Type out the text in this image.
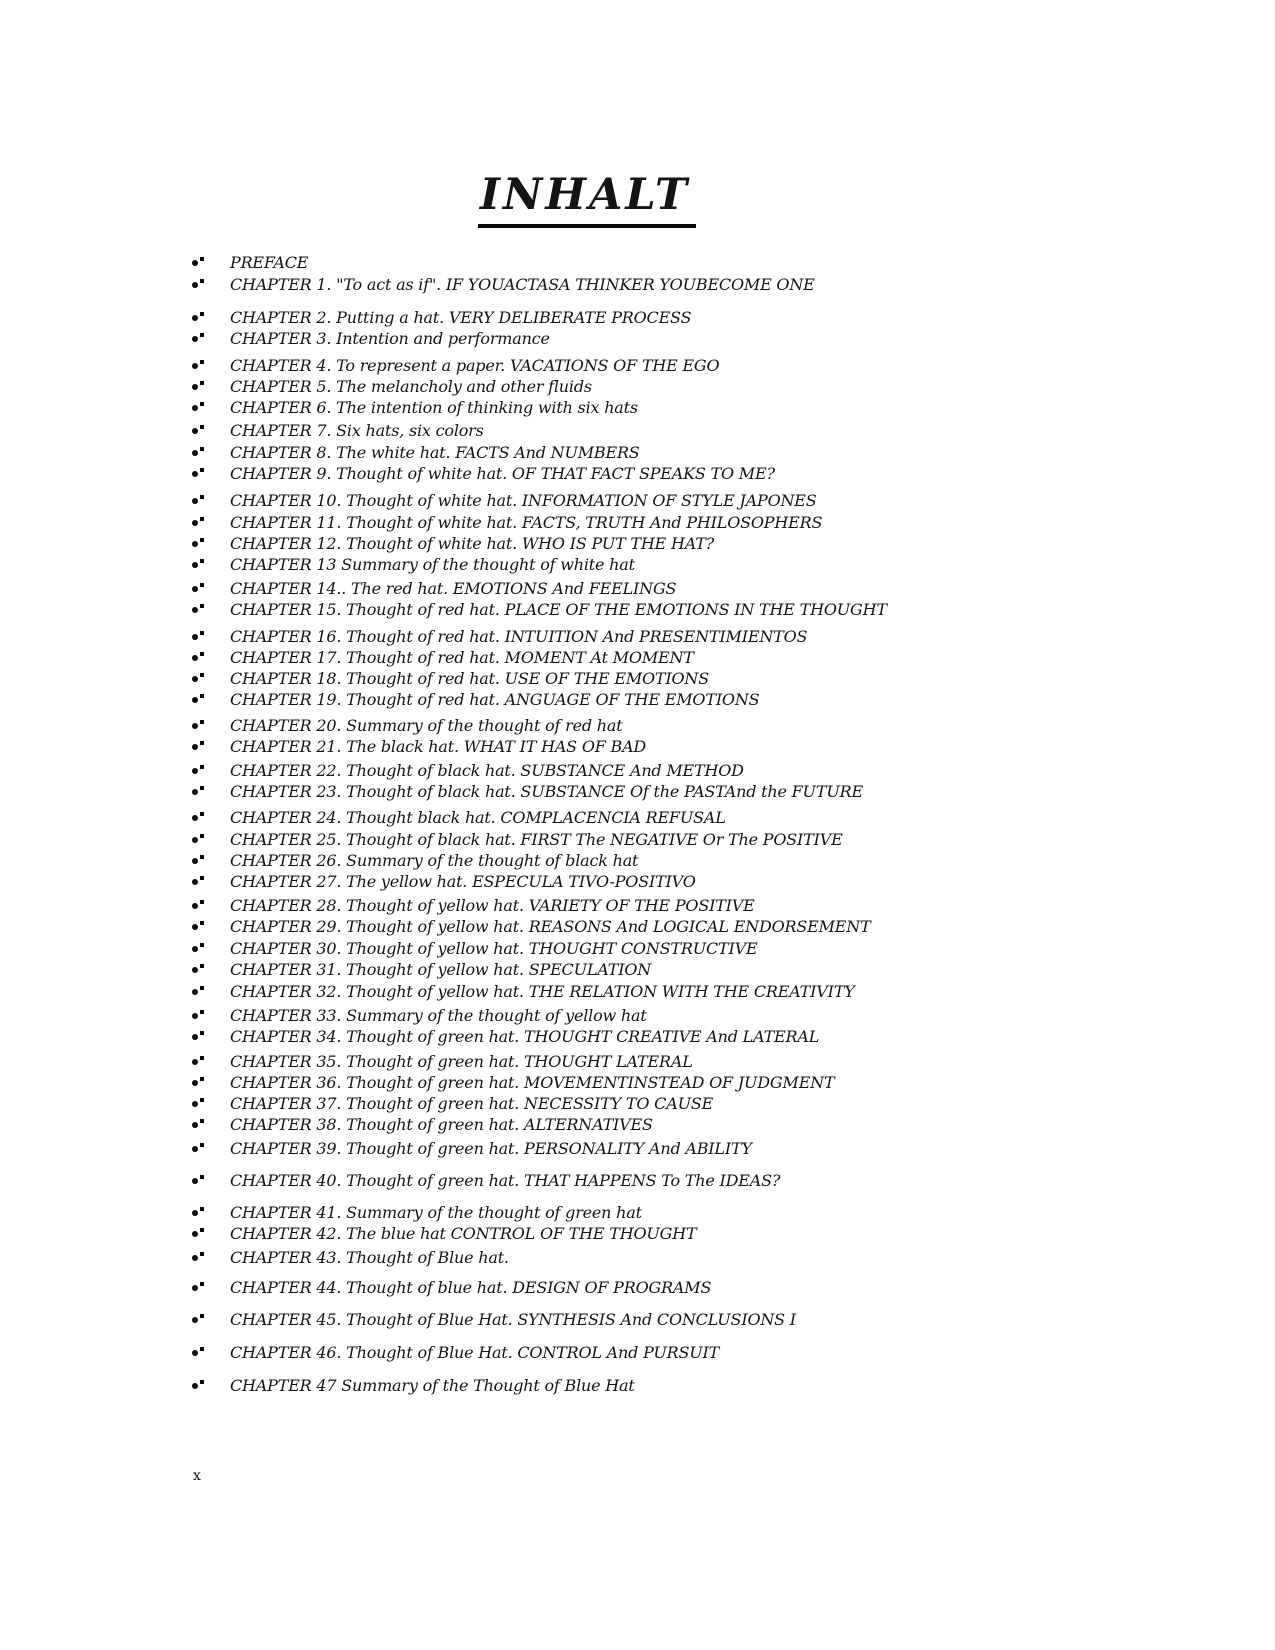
INHALT
PREFACE
CHAPTER 1. "To act as if". IF YOUACTASA THINKER YOUBECOME ONE
CHAPTER 2. Putting a hat. VERY DELIBERATE PROCESS
CHAPTER 3. Intention and performance
CHAPTER 4. To represent a paper. VACATIONS OF THE EGO
CHAPTER 5. The melancholy and other fluids
CHAPTER 6. The intention of thinking with six hats
CHAPTER 7. Six hats, six colors
CHAPTER 8. The white hat. FACTS And NUMBERS
CHAPTER 9. Thought of white hat. OF THAT FACT SPEAKS TO ME?
CHAPTER 10. Thought of white hat. INFORMATION OF STYLE JAPONES
CHAPTER 11. Thought of white hat. FACTS, TRUTH And PHILOSOPHERS
CHAPTER 12. Thought of white hat. WHO IS PUT THE HAT?
CHAPTER 13 Summary of the thought of white hat
CHAPTER 14.. The red hat. EMOTIONS And FEELINGS
CHAPTER 15. Thought of red hat. PLACE OF THE EMOTIONS IN THE THOUGHT
CHAPTER 16. Thought of red hat. INTUITION And PRESENTIMIENTOS
CHAPTER 17. Thought of red hat. MOMENT At MOMENT
CHAPTER 18. Thought of red hat. USE OF THE EMOTIONS
CHAPTER 19. Thought of red hat. ANGUAGE OF THE EMOTIONS
CHAPTER 20. Summary of the thought of red hat
CHAPTER 21. The black hat. WHAT IT HAS OF BAD
CHAPTER 22. Thought of black hat. SUBSTANCE And METHOD
CHAPTER 23. Thought of black hat. SUBSTANCE Of the PASTAnd the FUTURE
CHAPTER 24. Thought black hat. COMPLACENCIA REFUSAL
CHAPTER 25. Thought of black hat. FIRST The NEGATIVE Or The POSITIVE
CHAPTER 26. Summary of the thought of black hat
CHAPTER 27. The yellow hat. ESPECULA TIVO-POSITIVO
CHAPTER 28. Thought of yellow hat. VARIETY OF THE POSITIVE
CHAPTER 29. Thought of yellow hat. REASONS And LOGICAL ENDORSEMENT
CHAPTER 30. Thought of yellow hat. THOUGHT CONSTRUCTIVE
CHAPTER 31. Thought of yellow hat. SPECULATION
CHAPTER 32. Thought of yellow hat. THE RELATION WITH THE CREATIVITY
CHAPTER 33. Summary of the thought of yellow hat
CHAPTER 34. Thought of green hat. THOUGHT CREATIVE And LATERAL
CHAPTER 35. Thought of green hat. THOUGHT LATERAL
CHAPTER 36. Thought of green hat. MOVEMENTINSTEAD OF JUDGMENT
CHAPTER 37. Thought of green hat. NECESSITY TO CAUSE
CHAPTER 38. Thought of green hat. ALTERNATIVES
CHAPTER 39. Thought of green hat. PERSONALITY And ABILITY
CHAPTER 40. Thought of green hat. THAT HAPPENS To The IDEAS?
CHAPTER 41. Summary of the thought of green hat
CHAPTER 42. The blue hat CONTROL OF THE THOUGHT
CHAPTER 43. Thought of Blue hat.
CHAPTER 44. Thought of blue hat. DESIGN OF PROGRAMS
CHAPTER 45. Thought of Blue Hat. SYNTHESIS And CONCLUSIONS I
CHAPTER 46. Thought of Blue Hat. CONTROL And PURSUIT
CHAPTER 47 Summary of the Thought of Blue Hat
x
